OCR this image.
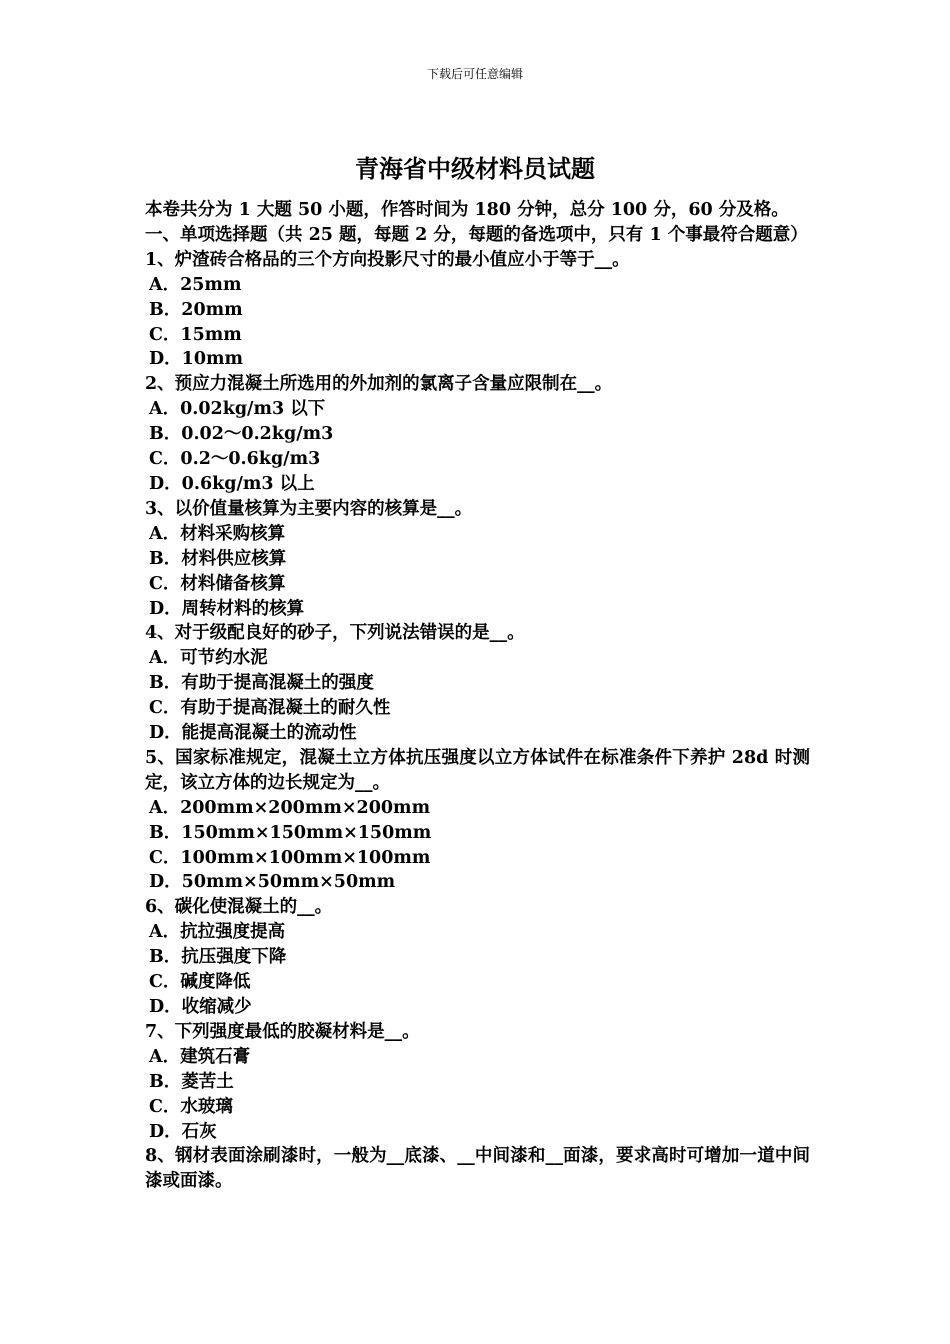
下载后可任意编辑
青海省中级材料员试题
本卷共分为 1 大题 50 小题，作答时间为 180 分钟，总分 100 分，60 分及格。
一、单项选择题（共 25 题，每题 2 分，每题的备选项中，只有 1 个事最符合题意）
1、炉渣砖合格品的三个方向投影尺寸的最小值应小于等于__。
A．25mm
B．20mm
C．15mm
D．10mm
2、预应力混凝土所选用的外加剂的氯离子含量应限制在__。
A．0.02kg/m3 以下
B．0.02～0.2kg/m3
C．0.2～0.6kg/m3
D．0.6kg/m3 以上
3、以价值量核算为主要内容的核算是__。
A．材料采购核算
B．材料供应核算
C．材料储备核算
D．周转材料的核算
4、对于级配良好的砂子，下列说法错误的是__。
A．可节约水泥
B．有助于提高混凝土的强度
C．有助于提高混凝土的耐久性
D．能提高混凝土的流动性
5、国家标准规定，混凝土立方体抗压强度以立方体试件在标准条件下养护 28d 时测定，该立方体的边长规定为__。
A．200mm×200mm×200mm
B．150mm×150mm×150mm
C．100mm×100mm×100mm
D．50mm×50mm×50mm
6、碳化使混凝土的__。
A．抗拉强度提高
B．抗压强度下降
C．碱度降低
D．收缩减少
7、下列强度最低的胶凝材料是__。
A．建筑石膏
B．菱苦土
C．水玻璃
D．石灰
8、钢材表面涂刷漆时，一般为__底漆、__中间漆和__面漆，要求高时可增加一道中间漆或面漆。
